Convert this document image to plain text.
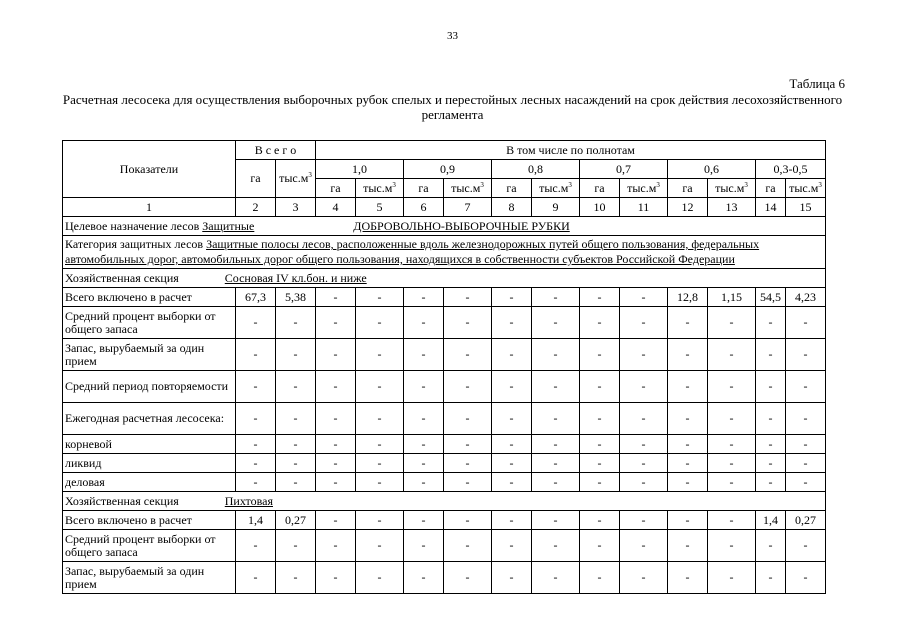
33
Таблица 6
Расчетная лесосека для осуществления выборочных рубок спелых и перестойных лесных насаждений на срок действия лесохозяйственного регламента
Показатели	В с е г о		В том числе по полнотам											
	га	$тыс.м^3$	1,0		0,9		0,8		0,7		0,6		0,3-0,5	
			га	$тыс.м^3$	га	$тыс.м^3$	га	$тыс.м^3$	га	$тыс.м^3$	га	$тыс.м^3$	га	$тыс.м^3$
1	2	3	4	5	6	7	8	9	10	11	12	13	14	15
Целевое назначение лесов Защитные ДОБРОВОЛЬНО-ВЫБОРОЧНЫЕ РУБКИ														
Категория защитных лесов Защитные полосы лесов, расположенные вдоль железнодорожных путей общего пользования, федеральных
автомобильных дорог, автомобильных дорог общего пользования, находящихся в собственности субъектов Российской Федерации														
Хозяйственная секция Сосновая IV кл.бон. и ниже														
Всего включено в расчет	67,3	5,38	-	-	-	-	-	-	-	-	12,8	1,15	54,5	4,23
Средний процент выборки от общего запаса	-	-	-	-	-	-	-	-	-	-	-	-	-	-
Запас, вырубаемый за один прием	-	-	-	-	-	-	-	-	-	-	-	-	-	-
Средний период повторяемости	-	-	-	-	-	-	-	-	-	-	-	-	-	-
Ежегодная расчетная лесосека:	-	-	-	-	-	-	-	-	-	-	-	-	-	-
корневой	-	-	-	-	-	-	-	-	-	-	-	-	-	-
ликвид	-	-	-	-	-	-	-	-	-	-	-	-	-	-
деловая	-	-	-	-	-	-	-	-	-	-	-	-	-	-
Хозяйственная секция Пихтовая														
Всего включено в расчет	1,4	0,27	-	-	-	-	-	-	-	-	-	-	1,4	0,27
Средний процент выборки от общего запаса	-	-	-	-	-	-	-	-	-	-	-	-	-	-
Запас, вырубаемый за один прием	-	-	-	-	-	-	-	-	-	-	-	-	-	-
